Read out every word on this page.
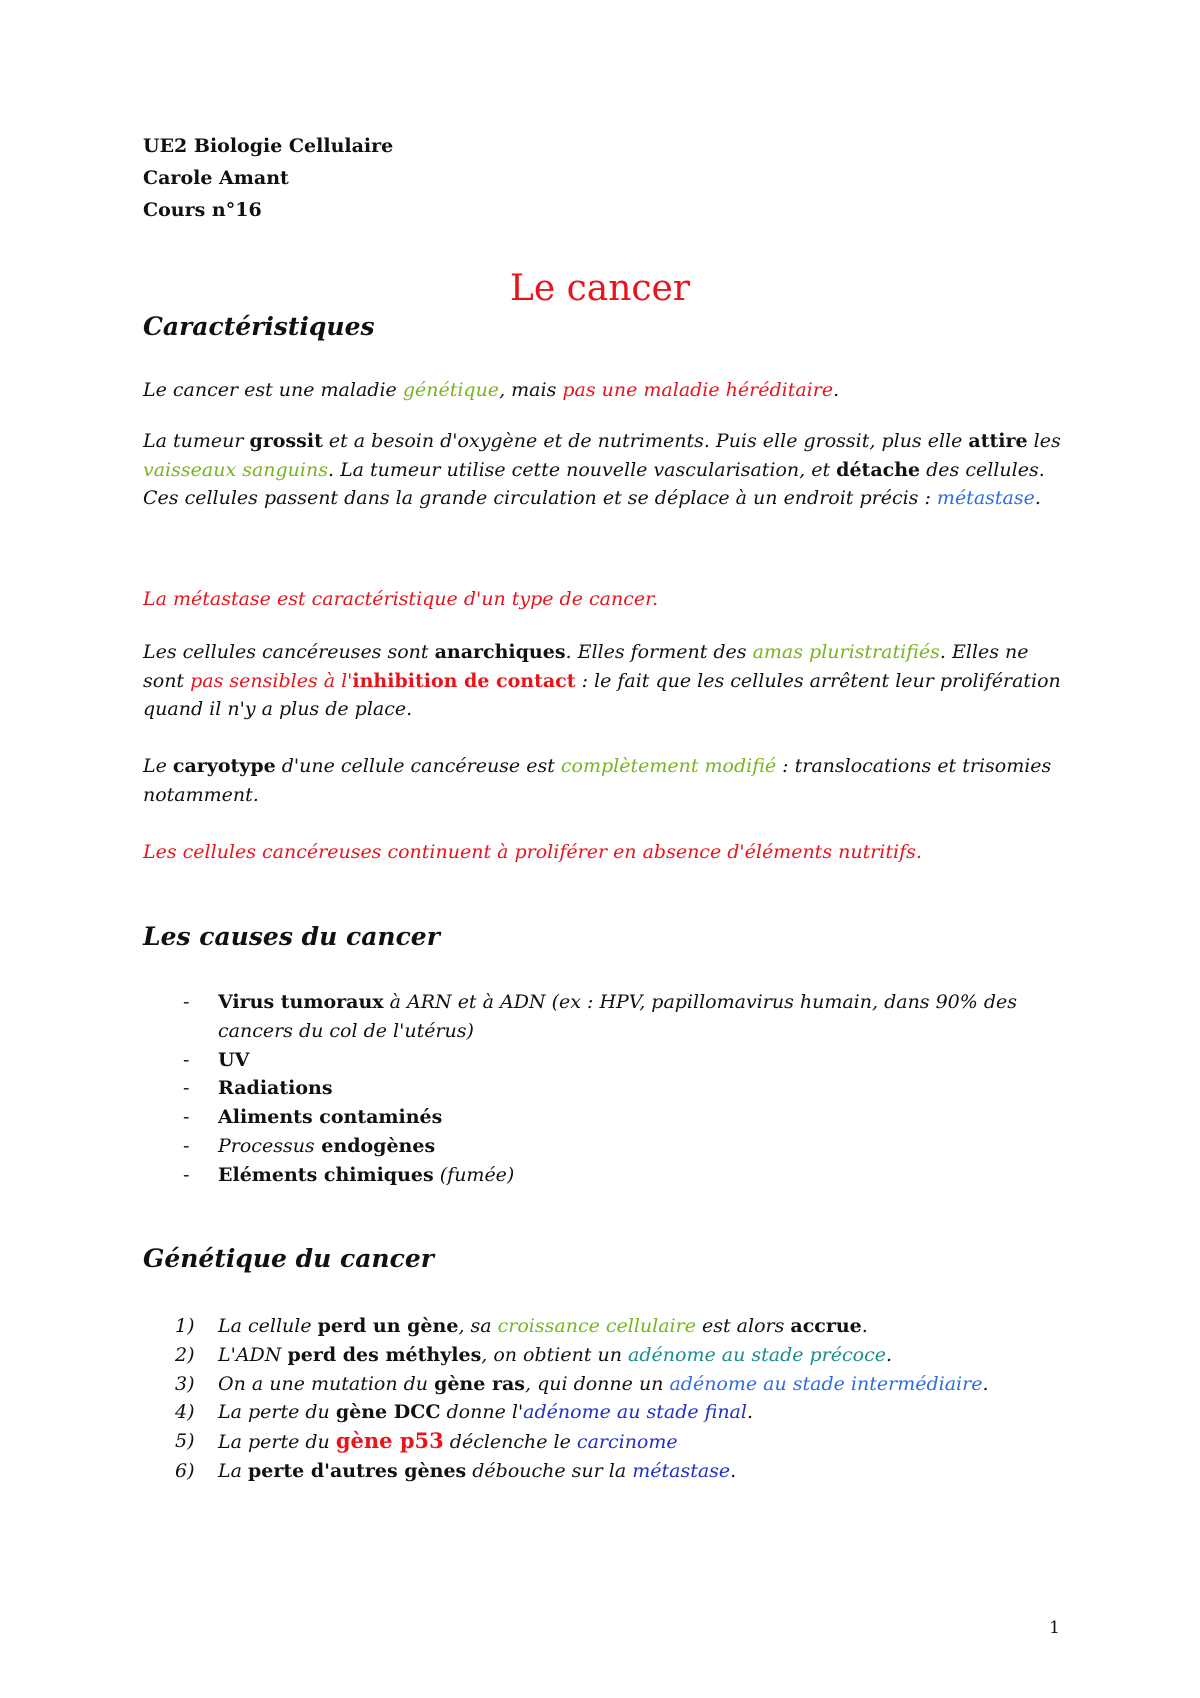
UE2 Biologie Cellulaire
Carole Amant
Cours n°16
Le cancer
Caractéristiques
Le cancer est une maladie génétique, mais pas une maladie héréditaire.
La tumeur grossit et a besoin d'oxygène et de nutriments. Puis elle grossit, plus elle attire les vaisseaux sanguins. La tumeur utilise cette nouvelle vascularisation, et détache des cellules. Ces cellules passent dans la grande circulation et se déplace à un endroit précis : métastase.
La métastase est caractéristique d'un type de cancer.
Les cellules cancéreuses sont anarchiques. Elles forment des amas pluristratifiés. Elles ne sont pas sensibles à l'inhibition de contact : le fait que les cellules arrêtent leur prolifération quand il n'y a plus de place.
Le caryotype d'une cellule cancéreuse est complètement modifié : translocations et trisomies notamment.
Les cellules cancéreuses continuent à proliférer en absence d'éléments nutritifs.
Les causes du cancer
- Virus tumoraux à ARN et à ADN (ex : HPV, papillomavirus humain, dans 90% des cancers du col de l'utérus)
- UV
- Radiations
- Aliments contaminés
- Processus endogènes
- Eléments chimiques (fumée)
Génétique du cancer
1) La cellule perd un gène, sa croissance cellulaire est alors accrue.
2) L'ADN perd des méthyles, on obtient un adénome au stade précoce.
3) On a une mutation du gène ras, qui donne un adénome au stade intermédiaire.
4) La perte du gène DCC donne l'adénome au stade final.
5) La perte du gène p53 déclenche le carcinome
6) La perte d'autres gènes débouche sur la métastase.
1
